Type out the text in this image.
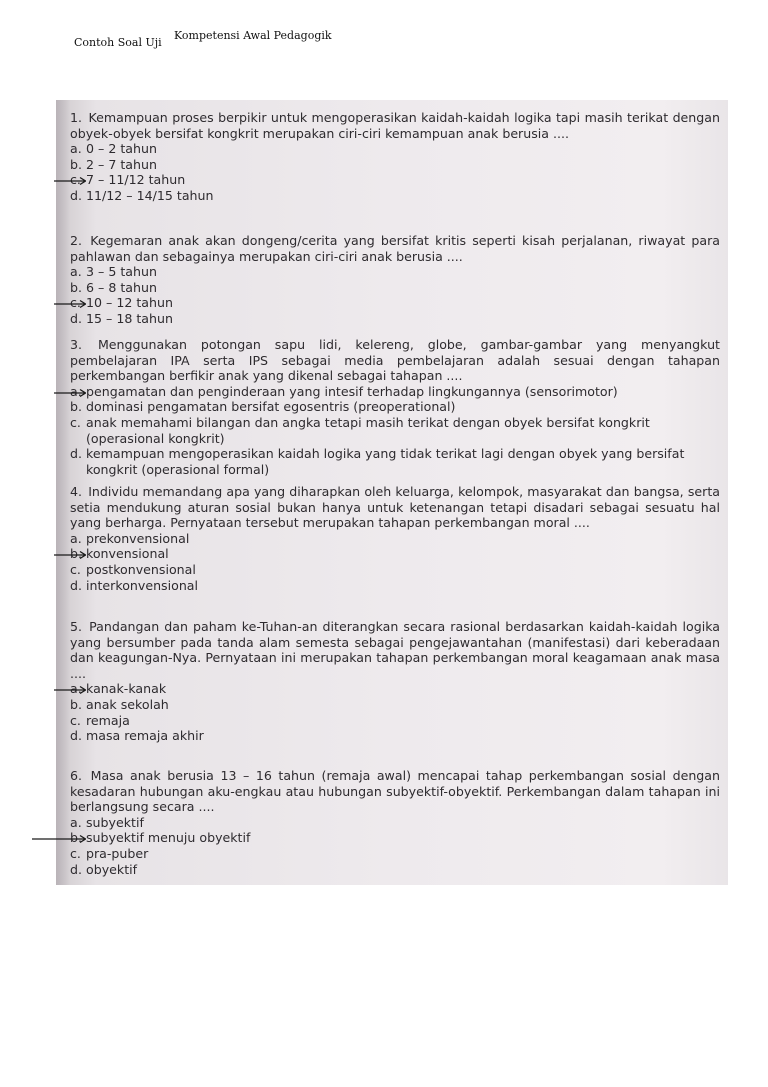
Contoh Soal Uji
Kompetensi Awal Pedagogik
1. Kemampuan proses berpikir untuk mengoperasikan kaidah-kaidah logika tapi masih terikat dengan obyek-obyek bersifat kongkrit merupakan ciri-ciri kemampuan anak berusia ....
a. 0 – 2 tahun
b. 2 – 7 tahun
c. 7 – 11/12 tahun
d. 11/12 – 14/15 tahun
2. Kegemaran anak akan dongeng/cerita yang bersifat kritis seperti kisah perjalanan, riwayat para pahlawan dan sebagainya merupakan ciri-ciri anak berusia ....
a. 3 – 5 tahun
b. 6 – 8 tahun
c. 10 – 12 tahun
d. 15 – 18 tahun
3. Menggunakan potongan sapu lidi, kelereng, globe, gambar-gambar yang menyangkut pembelajaran IPA serta IPS sebagai media pembelajaran adalah sesuai dengan tahapan perkembangan berfikir anak yang dikenal sebagai tahapan ....
a. pengamatan dan penginderaan yang intesif terhadap lingkungannya (sensorimotor)
b. dominasi pengamatan bersifat egosentris (preoperational)
c. anak memahami bilangan dan angka tetapi masih terikat dengan obyek bersifat kongkrit (operasional kongkrit)
d. kemampuan mengoperasikan kaidah logika yang tidak terikat lagi dengan obyek yang bersifat kongkrit (operasional formal)
4. Individu memandang apa yang diharapkan oleh keluarga, kelompok, masyarakat dan bangsa, serta setia mendukung aturan sosial bukan hanya untuk ketenangan tetapi disadari sebagai sesuatu hal yang berharga. Pernyataan tersebut merupakan tahapan perkembangan moral ....
a. prekonvensional
b. konvensional
c. postkonvensional
d. interkonvensional
5. Pandangan dan paham ke-Tuhan-an diterangkan secara rasional berdasarkan kaidah-kaidah logika yang bersumber pada tanda alam semesta sebagai pengejawantahan (manifestasi) dari keberadaan dan keagungan-Nya. Pernyataan ini merupakan tahapan perkembangan moral keagamaan anak masa ....
a. kanak-kanak
b. anak sekolah
c. remaja
d. masa remaja akhir
6. Masa anak berusia 13 – 16 tahun (remaja awal) mencapai tahap perkembangan sosial dengan kesadaran hubungan aku-engkau atau hubungan subyektif-obyektif. Perkembangan dalam tahapan ini berlangsung secara ....
a. subyektif
b. subyektif menuju obyektif
c. pra-puber
d. obyektif
